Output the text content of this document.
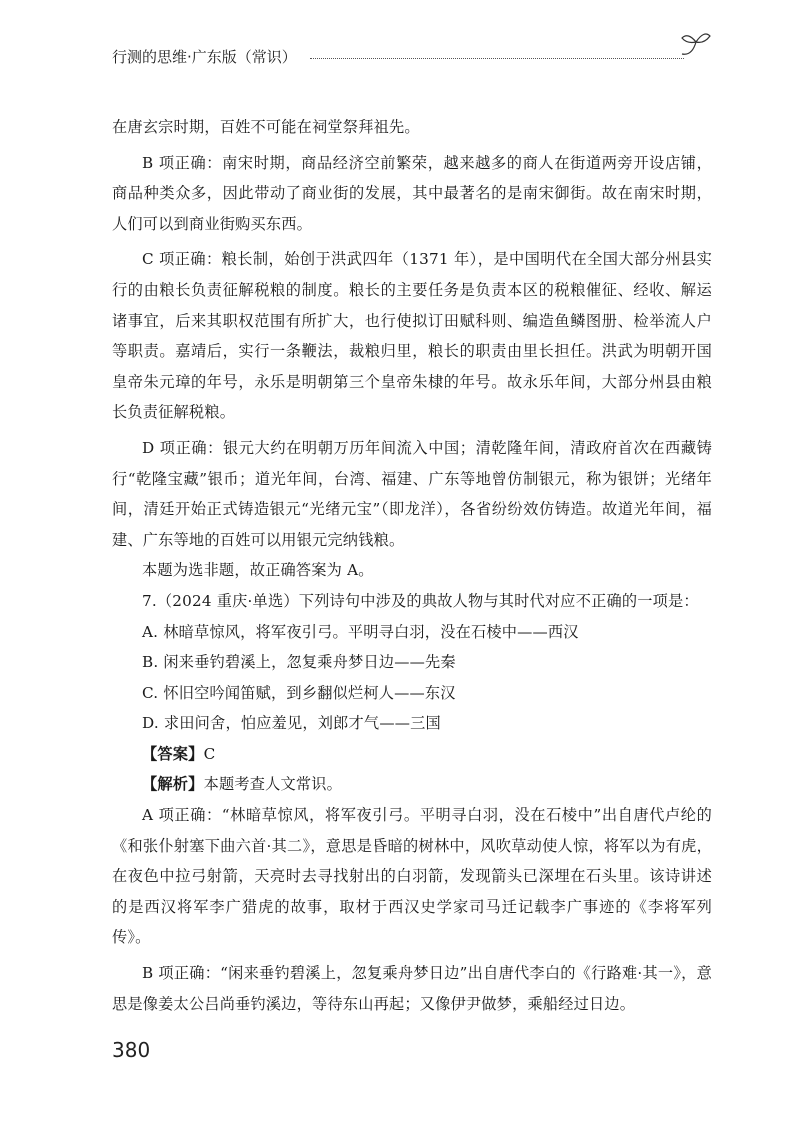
行测的思维·广东版（常识）

在唐玄宗时期，百姓不可能在祠堂祭拜祖先。

B 项正确：南宋时期，商品经济空前繁荣，越来越多的商人在街道两旁开设店铺，商品种类众多，因此带动了商业街的发展，其中最著名的是南宋御街。故在南宋时期，人们可以到商业街购买东西。

C 项正确：粮长制，始创于洪武四年（1371 年），是中国明代在全国大部分州县实行的由粮长负责征解税粮的制度。粮长的主要任务是负责本区的税粮催征、经收、解运诸事宜，后来其职权范围有所扩大，也行使拟订田赋科则、编造鱼鳞图册、检举流人户等职责。嘉靖后，实行一条鞭法，裁粮归里，粮长的职责由里长担任。洪武为明朝开国皇帝朱元璋的年号，永乐是明朝第三个皇帝朱棣的年号。故永乐年间，大部分州县由粮长负责征解税粮。

D 项正确：银元大约在明朝万历年间流入中国；清乾隆年间，清政府首次在西藏铸行“乾隆宝藏”银币；道光年间，台湾、福建、广东等地曾仿制银元，称为银饼；光绪年间，清廷开始正式铸造银元“光绪元宝”（即龙洋），各省纷纷效仿铸造。故道光年间，福建、广东等地的百姓可以用银元完纳钱粮。

本题为选非题，故正确答案为 A。

7.（2024 重庆·单选）下列诗句中涉及的典故人物与其时代对应不正确的一项是：

A. 林暗草惊风，将军夜引弓。平明寻白羽，没在石棱中——西汉

B. 闲来垂钓碧溪上，忽复乘舟梦日边——先秦

C. 怀旧空吟闻笛赋，到乡翻似烂柯人——东汉

D. 求田问舍，怕应羞见，刘郎才气——三国

【答案】C

【解析】本题考查人文常识。

A 项正确：“林暗草惊风，将军夜引弓。平明寻白羽，没在石棱中”出自唐代卢纶的《和张仆射塞下曲六首·其二》，意思是昏暗的树林中，风吹草动使人惊，将军以为有虎，在夜色中拉弓射箭，天亮时去寻找射出的白羽箭，发现箭头已深埋在石头里。该诗讲述的是西汉将军李广猎虎的故事，取材于西汉史学家司马迁记载李广事迹的《李将军列传》。

B 项正确：“闲来垂钓碧溪上，忽复乘舟梦日边”出自唐代李白的《行路难·其一》，意思是像姜太公吕尚垂钓溪边，等待东山再起；又像伊尹做梦，乘船经过日边。

380
